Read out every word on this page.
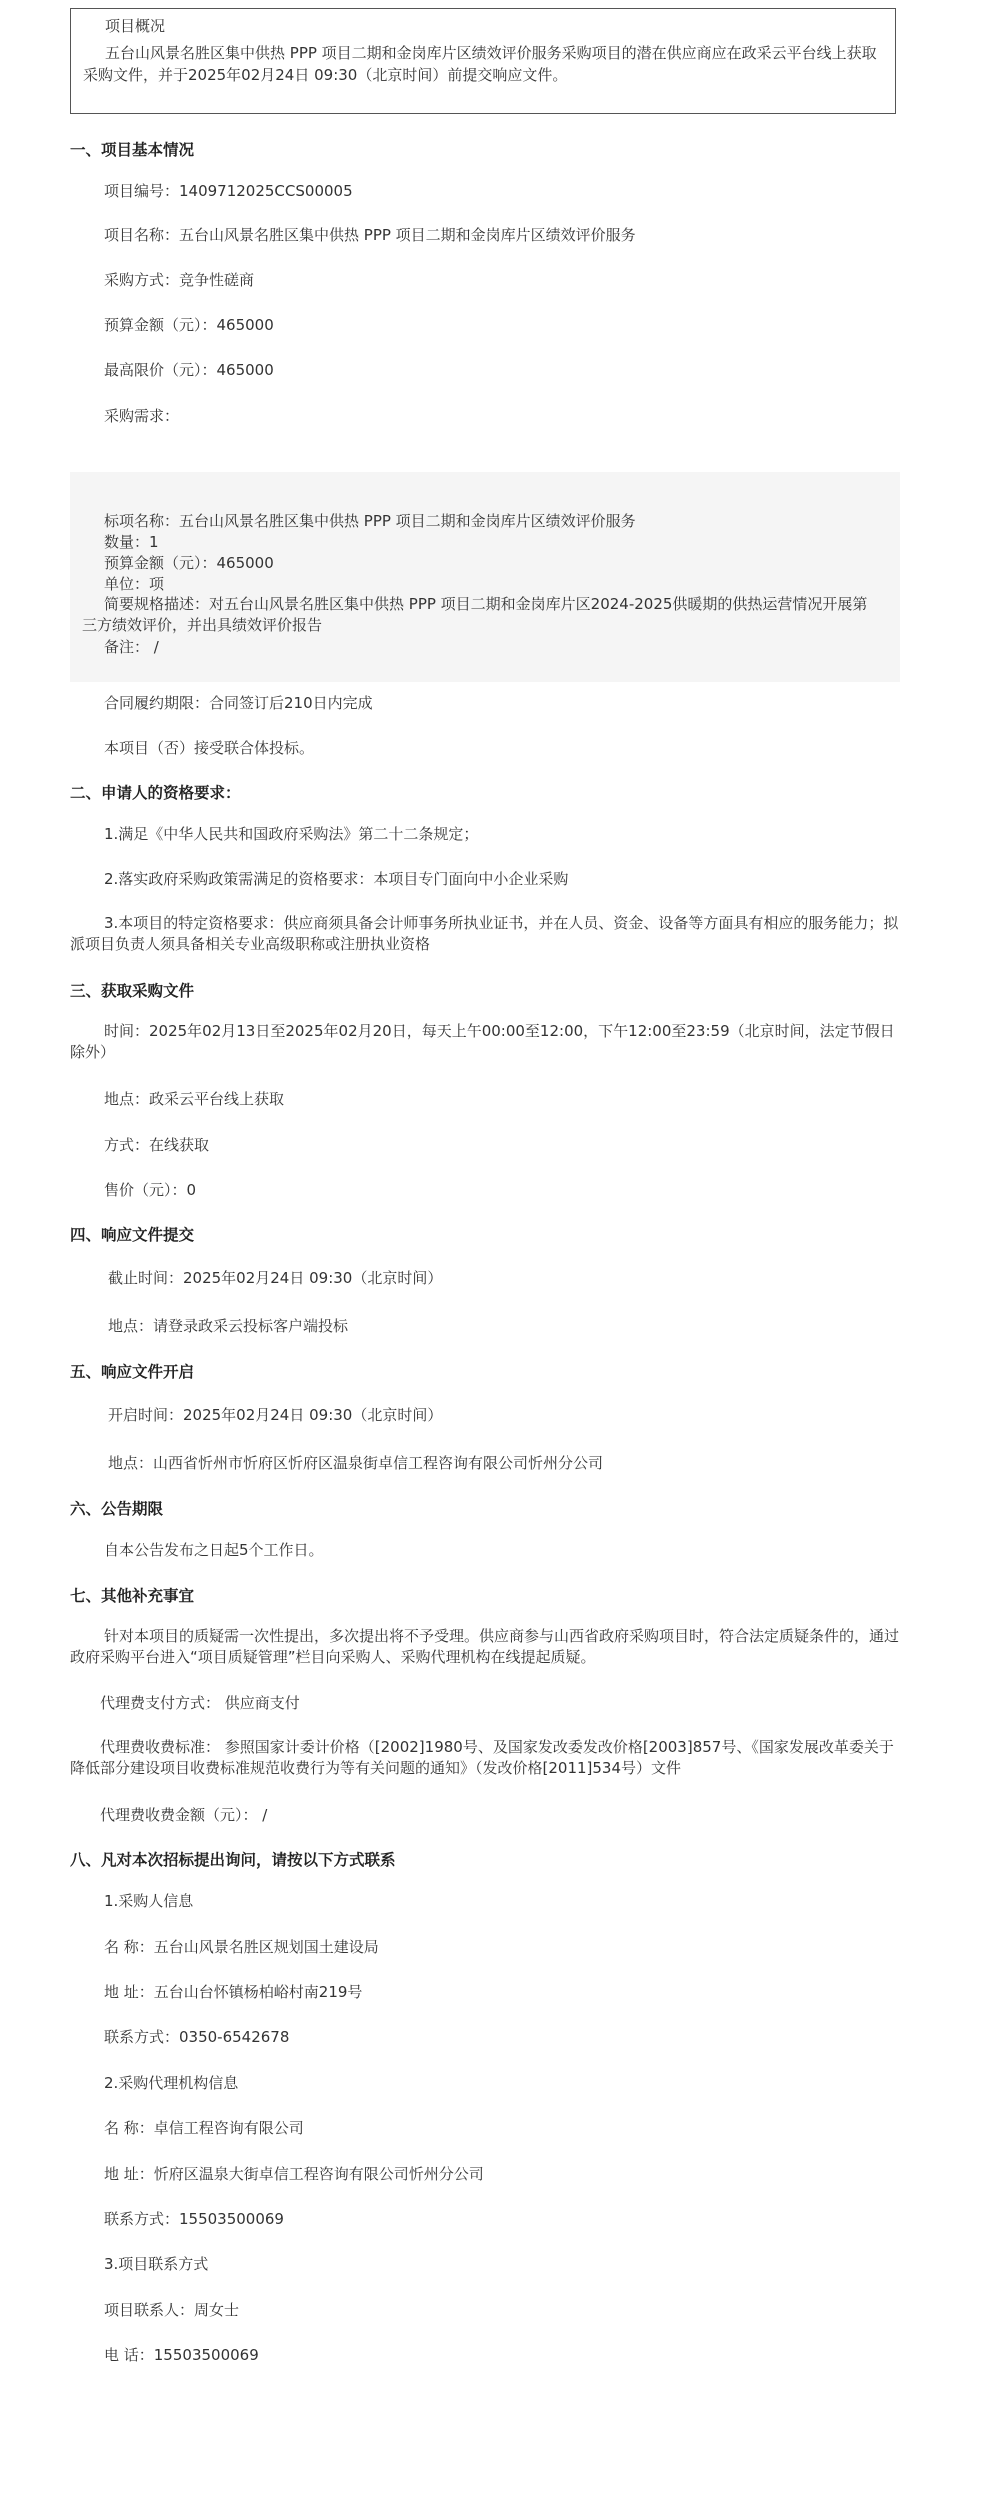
项目概况
五台山风景名胜区集中供热 PPP 项目二期和金岗库片区绩效评价服务采购项目的潜在供应商应在政采云平台线上获取采购文件，并于2025年02月24日 09:30（北京时间）前提交响应文件。
一、项目基本情况
项目编号：1409712025CCS00005
项目名称：五台山风景名胜区集中供热 PPP 项目二期和金岗库片区绩效评价服务
采购方式：竞争性磋商
预算金额（元）：465000
最高限价（元）：465000
采购需求：
标项名称：五台山风景名胜区集中供热 PPP 项目二期和金岗库片区绩效评价服务
数量：1
预算金额（元）：465000
单位：项
简要规格描述：对五台山风景名胜区集中供热 PPP 项目二期和金岗库片区2024-2025供暖期的供热运营情况开展第三方绩效评价，并出具绩效评价报告
备注： /
合同履约期限：合同签订后210日内完成
本项目（否）接受联合体投标。
二、申请人的资格要求：
1.满足《中华人民共和国政府采购法》第二十二条规定；
2.落实政府采购政策需满足的资格要求：本项目专门面向中小企业采购
3.本项目的特定资格要求：供应商须具备会计师事务所执业证书，并在人员、资金、设备等方面具有相应的服务能力；拟派项目负责人须具备相关专业高级职称或注册执业资格
三、获取采购文件
时间：2025年02月13日至2025年02月20日，每天上午00:00至12:00，下午12:00至23:59（北京时间，法定节假日除外）
地点：政采云平台线上获取
方式：在线获取
售价（元）：0
四、响应文件提交
截止时间：2025年02月24日 09:30（北京时间）
地点：请登录政采云投标客户端投标
五、响应文件开启
开启时间：2025年02月24日 09:30（北京时间）
地点：山西省忻州市忻府区忻府区温泉街卓信工程咨询有限公司忻州分公司
六、公告期限
自本公告发布之日起5个工作日。
七、其他补充事宜
针对本项目的质疑需一次性提出，多次提出将不予受理。供应商参与山西省政府采购项目时，符合法定质疑条件的，通过政府采购平台进入“项目质疑管理”栏目向采购人、采购代理机构在线提起质疑。
代理费支付方式： 供应商支付
代理费收费标准： 参照国家计委计价格（[2002]1980号、及国家发改委发改价格[2003]857号、《国家发展改革委关于降低部分建设项目收费标准规范收费行为等有关问题的通知》（发改价格[2011]534号）文件
代理费收费金额（元）： /
八、凡对本次招标提出询问，请按以下方式联系
1.采购人信息
名 称：五台山风景名胜区规划国土建设局
地 址：五台山台怀镇杨柏峪村南219号
联系方式：0350-6542678
2.采购代理机构信息
名 称：卓信工程咨询有限公司
地 址：忻府区温泉大街卓信工程咨询有限公司忻州分公司
联系方式：15503500069
3.项目联系方式
项目联系人：周女士
电 话：15503500069
